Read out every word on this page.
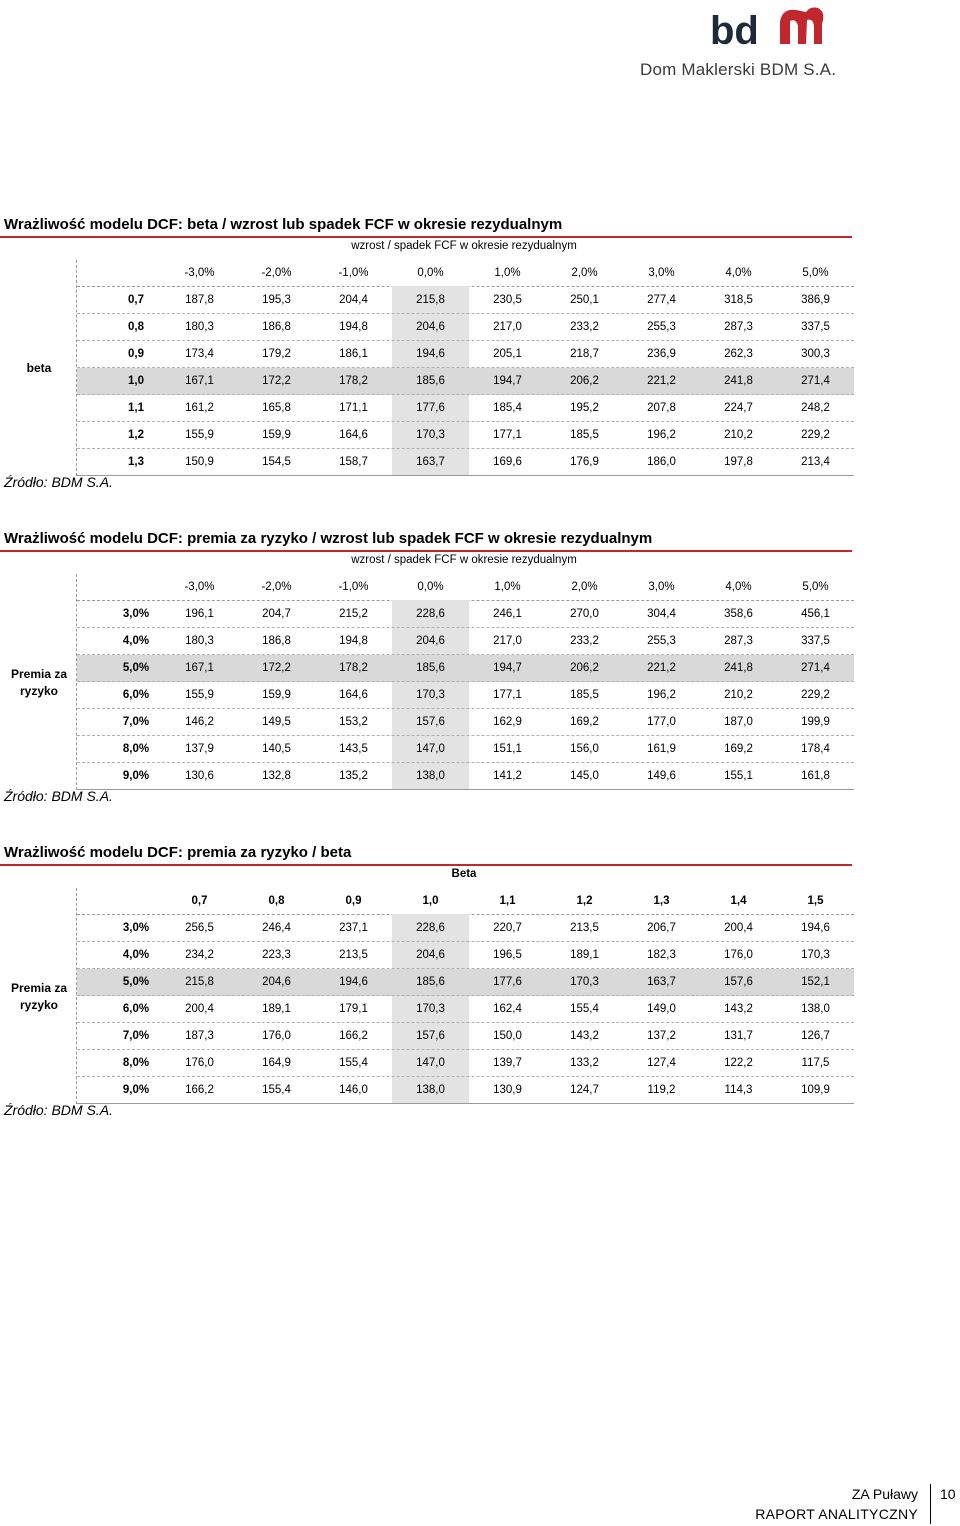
bd
Dom Maklerski BDM S.A.
Wrażliwość modelu DCF: beta / wzrost lub spadek FCF w okresie rezydualnym
wzrost / spadek FCF w okresie rezydualnym
beta
-3,0%	-2,0%	-1,0%	0,0%	1,0%	2,0%	3,0%	4,0%	5,0%
0,7	187,8	195,3	204,4	215,8	230,5	250,1	277,4	318,5	386,9
0,8	180,3	186,8	194,8	204,6	217,0	233,2	255,3	287,3	337,5
0,9	173,4	179,2	186,1	194,6	205,1	218,7	236,9	262,3	300,3
1,0	167,1	172,2	178,2	185,6	194,7	206,2	221,2	241,8	271,4
1,1	161,2	165,8	171,1	177,6	185,4	195,2	207,8	224,7	248,2
1,2	155,9	159,9	164,6	170,3	177,1	185,5	196,2	210,2	229,2
1,3	150,9	154,5	158,7	163,7	169,6	176,9	186,0	197,8	213,4
Źródło: BDM S.A.
Wrażliwość modelu DCF: premia za ryzyko / wzrost lub spadek FCF w okresie rezydualnym
wzrost / spadek FCF w okresie rezydualnym
Premia za ryzyko
-3,0%	-2,0%	-1,0%	0,0%	1,0%	2,0%	3,0%	4,0%	5,0%
3,0%	196,1	204,7	215,2	228,6	246,1	270,0	304,4	358,6	456,1
4,0%	180,3	186,8	194,8	204,6	217,0	233,2	255,3	287,3	337,5
5,0%	167,1	172,2	178,2	185,6	194,7	206,2	221,2	241,8	271,4
6,0%	155,9	159,9	164,6	170,3	177,1	185,5	196,2	210,2	229,2
7,0%	146,2	149,5	153,2	157,6	162,9	169,2	177,0	187,0	199,9
8,0%	137,9	140,5	143,5	147,0	151,1	156,0	161,9	169,2	178,4
9,0%	130,6	132,8	135,2	138,0	141,2	145,0	149,6	155,1	161,8
Źródło: BDM S.A.
Wrażliwość modelu DCF: premia za ryzyko / beta
Beta
Premia za ryzyko
0,7	0,8	0,9	1,0	1,1	1,2	1,3	1,4	1,5
3,0%	256,5	246,4	237,1	228,6	220,7	213,5	206,7	200,4	194,6
4,0%	234,2	223,3	213,5	204,6	196,5	189,1	182,3	176,0	170,3
5,0%	215,8	204,6	194,6	185,6	177,6	170,3	163,7	157,6	152,1
6,0%	200,4	189,1	179,1	170,3	162,4	155,4	149,0	143,2	138,0
7,0%	187,3	176,0	166,2	157,6	150,0	143,2	137,2	131,7	126,7
8,0%	176,0	164,9	155,4	147,0	139,7	133,2	127,4	122,2	117,5
9,0%	166,2	155,4	146,0	138,0	130,9	124,7	119,2	114,3	109,9
Źródło: BDM S.A.
ZA Puławy
RAPORT ANALITYCZNY
10
